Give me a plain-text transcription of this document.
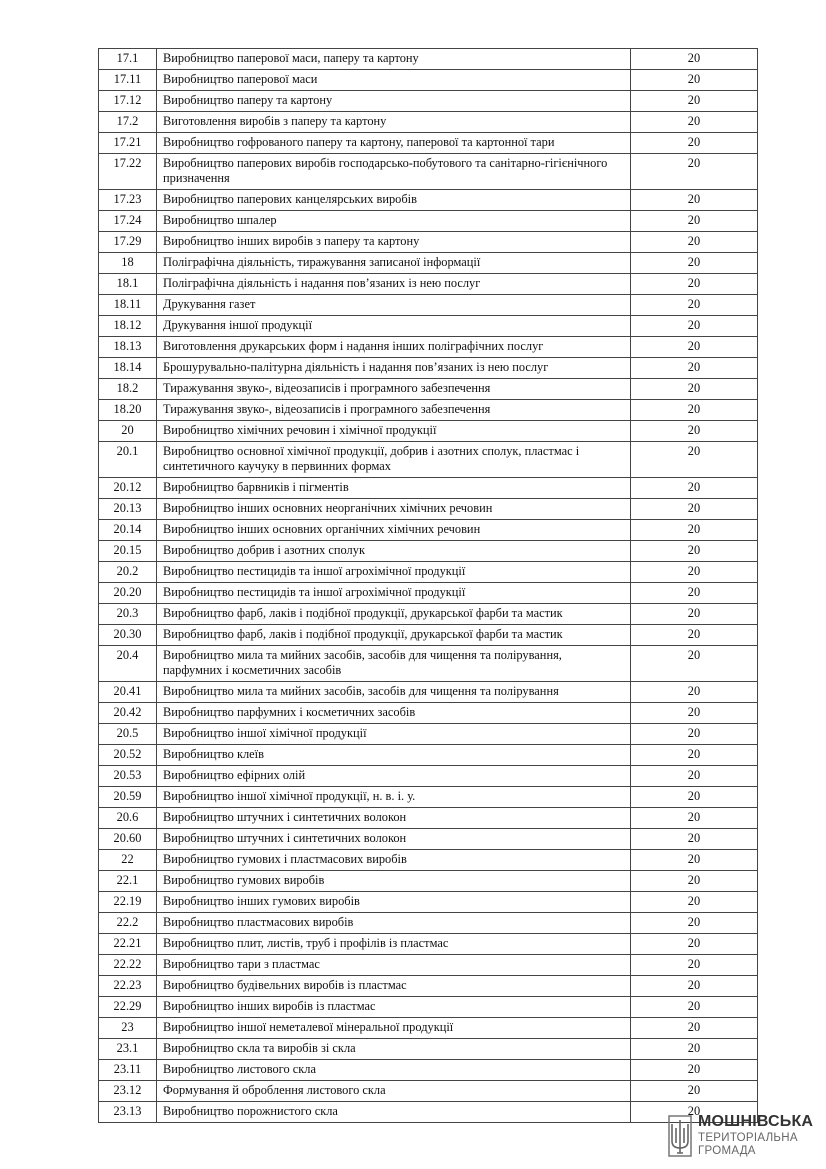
17.1	Виробництво паперової маси, паперу та картону	20
17.11	Виробництво паперової маси	20
17.12	Виробництво паперу та картону	20
17.2	Виготовлення виробів з паперу та картону	20
17.21	Виробництво гофрованого паперу та картону, паперової та картонної тари	20
17.22	Виробництво паперових виробів господарсько-побутового та санітарно-гігієнічного призначення	20
17.23	Виробництво паперових канцелярських виробів	20
17.24	Виробництво шпалер	20
17.29	Виробництво інших виробів з паперу та картону	20
18	Поліграфічна діяльність, тиражування записаної інформації	20
18.1	Поліграфічна діяльність і надання пов’язаних із нею послуг	20
18.11	Друкування газет	20
18.12	Друкування іншої продукції	20
18.13	Виготовлення друкарських форм і надання інших поліграфічних послуг	20
18.14	Брошурувально-палітурна діяльність і надання пов’язаних із нею послуг	20
18.2	Тиражування звуко-, відеозаписів і програмного забезпечення	20
18.20	Тиражування звуко-, відеозаписів і програмного забезпечення	20
20	Виробництво хімічних речовин і хімічної продукції	20
20.1	Виробництво основної хімічної продукції, добрив і азотних сполук, пластмас і синтетичного каучуку в первинних формах	20
20.12	Виробництво барвників і пігментів	20
20.13	Виробництво інших основних неорганічних хімічних речовин	20
20.14	Виробництво інших основних органічних хімічних речовин	20
20.15	Виробництво добрив і азотних сполук	20
20.2	Виробництво пестицидів та іншої агрохімічної продукції	20
20.20	Виробництво пестицидів та іншої агрохімічної продукції	20
20.3	Виробництво фарб, лаків і подібної продукції, друкарської фарби та мастик	20
20.30	Виробництво фарб, лаків і подібної продукції, друкарської фарби та мастик	20
20.4	Виробництво мила та мийних засобів, засобів для чищення та полірування, парфумних і косметичних засобів	20
20.41	Виробництво мила та мийних засобів, засобів для чищення та полірування	20
20.42	Виробництво парфумних і косметичних засобів	20
20.5	Виробництво іншої хімічної продукції	20
20.52	Виробництво клеїв	20
20.53	Виробництво ефірних олій	20
20.59	Виробництво іншої хімічної продукції, н. в. і. у.	20
20.6	Виробництво штучних і синтетичних волокон	20
20.60	Виробництво штучних і синтетичних волокон	20
22	Виробництво гумових і пластмасових виробів	20
22.1	Виробництво гумових виробів	20
22.19	Виробництво інших гумових виробів	20
22.2	Виробництво пластмасових виробів	20
22.21	Виробництво плит, листів, труб і профілів із пластмас	20
22.22	Виробництво тари з пластмас	20
22.23	Виробництво будівельних виробів із пластмас	20
22.29	Виробництво інших виробів із пластмас	20
23	Виробництво іншої неметалевої мінеральної продукції	20
23.1	Виробництво скла та виробів зі скла	20
23.11	Виробництво листового скла	20
23.12	Формування й оброблення листового скла	20
23.13	Виробництво порожнистого скла	20
МОШНІВСЬКА
ТЕРИТОРІАЛЬНА
ГРОМАДА
